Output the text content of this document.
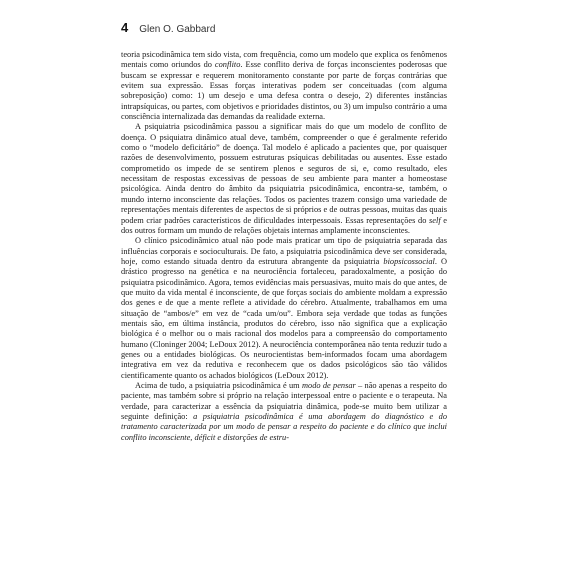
4 Glen O. Gabbard

teoria psicodinâmica tem sido vista, com frequência, como um modelo que explica os fenômenos mentais como oriundos do conflito. Esse conflito deriva de forças inconscientes poderosas que buscam se expressar e requerem monitoramento constante por parte de forças contrárias que evitem sua expressão. Essas forças interativas podem ser conceituadas (com alguma sobreposição) como: 1) um desejo e uma defesa contra o desejo, 2) diferentes instâncias intrapsíquicas, ou partes, com objetivos e prioridades distintos, ou 3) um impulso contrário a uma consciência internalizada das demandas da realidade externa.

A psiquiatria psicodinâmica passou a significar mais do que um modelo de conflito de doença. O psiquiatra dinâmico atual deve, também, compreender o que é geralmente referido como o “modelo deficitário” de doença. Tal modelo é aplicado a pacientes que, por quaisquer razões de desenvolvimento, possuem estruturas psíquicas debilitadas ou ausentes. Esse estado comprometido os impede de se sentirem plenos e seguros de si, e, como resultado, eles necessitam de respostas excessivas de pessoas de seu ambiente para manter a homeostase psicológica. Ainda dentro do âmbito da psiquiatria psicodinâmica, encontra-se, também, o mundo interno inconsciente das relações. Todos os pacientes trazem consigo uma variedade de representações mentais diferentes de aspectos de si próprios e de outras pessoas, muitas das quais podem criar padrões característicos de dificuldades interpessoais. Essas representações do self e dos outros formam um mundo de relações objetais internas amplamente inconscientes.

O clínico psicodinâmico atual não pode mais praticar um tipo de psiquiatria separada das influências corporais e socioculturais. De fato, a psiquiatria psicodinâmica deve ser considerada, hoje, como estando situada dentro da estrutura abrangente da psiquiatria biopsicossocial. O drástico progresso na genética e na neurociência fortaleceu, paradoxalmente, a posição do psiquiatra psicodinâmico. Agora, temos evidências mais persuasivas, muito mais do que antes, de que muito da vida mental é inconsciente, de que forças sociais do ambiente moldam a expressão dos genes e de que a mente reflete a atividade do cérebro. Atualmente, trabalhamos em uma situação de “ambos/e” em vez de “cada um/ou”. Embora seja verdade que todas as funções mentais são, em última instância, produtos do cérebro, isso não significa que a explicação biológica é o melhor ou o mais racional dos modelos para a compreensão do comportamento humano (Cloninger 2004; LeDoux 2012). A neurociência contemporânea não tenta reduzir tudo a genes ou a entidades biológicas. Os neurocientistas bem-informados focam uma abordagem integrativa em vez da redutiva e reconhecem que os dados psicológicos são tão válidos cientificamente quanto os achados biológicos (LeDoux 2012).

Acima de tudo, a psiquiatria psicodinâmica é um modo de pensar – não apenas a respeito do paciente, mas também sobre si próprio na relação interpessoal entre o paciente e o terapeuta. Na verdade, para caracterizar a essência da psiquiatria dinâmica, pode-se muito bem utilizar a seguinte definição: a psiquiatria psicodinâmica é uma abordagem do diagnóstico e do tratamento caracterizada por um modo de pensar a respeito do paciente e do clínico que inclui conflito inconsciente, déficit e distorções de estru-
